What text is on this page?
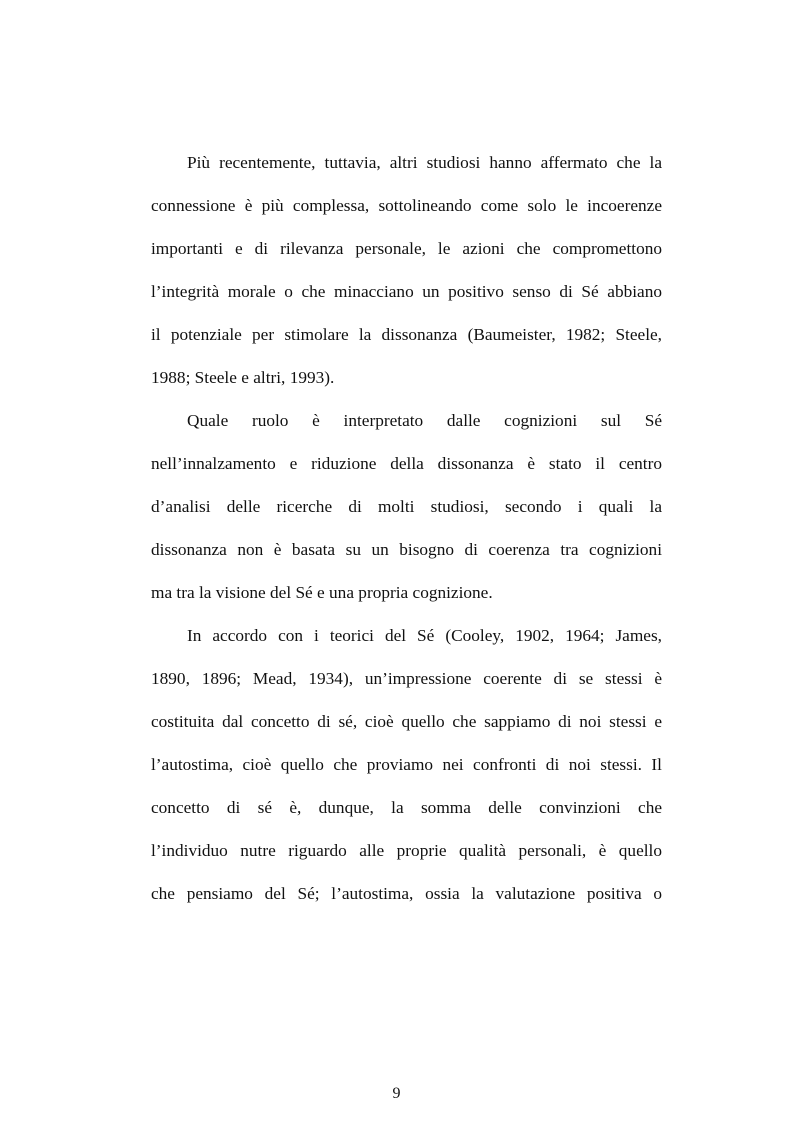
Più recentemente, tuttavia, altri studiosi hanno affermato che la
connessione è più complessa, sottolineando come solo le incoerenze
importanti e di rilevanza personale, le azioni che compromettono
l’integrità morale o che minacciano un positivo senso di Sé abbiano
il potenziale per stimolare la dissonanza (Baumeister, 1982; Steele,
1988; Steele e altri, 1993).
Quale ruolo è interpretato dalle cognizioni sul Sé
nell’innalzamento e riduzione della dissonanza è stato il centro
d’analisi delle ricerche di molti studiosi, secondo i quali la
dissonanza non è basata su un bisogno di coerenza tra cognizioni
ma tra la visione del Sé e una propria cognizione.
In accordo con i teorici del Sé (Cooley, 1902, 1964; James,
1890, 1896; Mead, 1934), un’impressione coerente di se stessi è
costituita dal concetto di sé, cioè quello che sappiamo di noi stessi e
l’autostima, cioè quello che proviamo nei confronti di noi stessi. Il
concetto di sé è, dunque, la somma delle convinzioni che
l’individuo nutre riguardo alle proprie qualità personali, è quello
che pensiamo del Sé; l’autostima, ossia la valutazione positiva o
9
